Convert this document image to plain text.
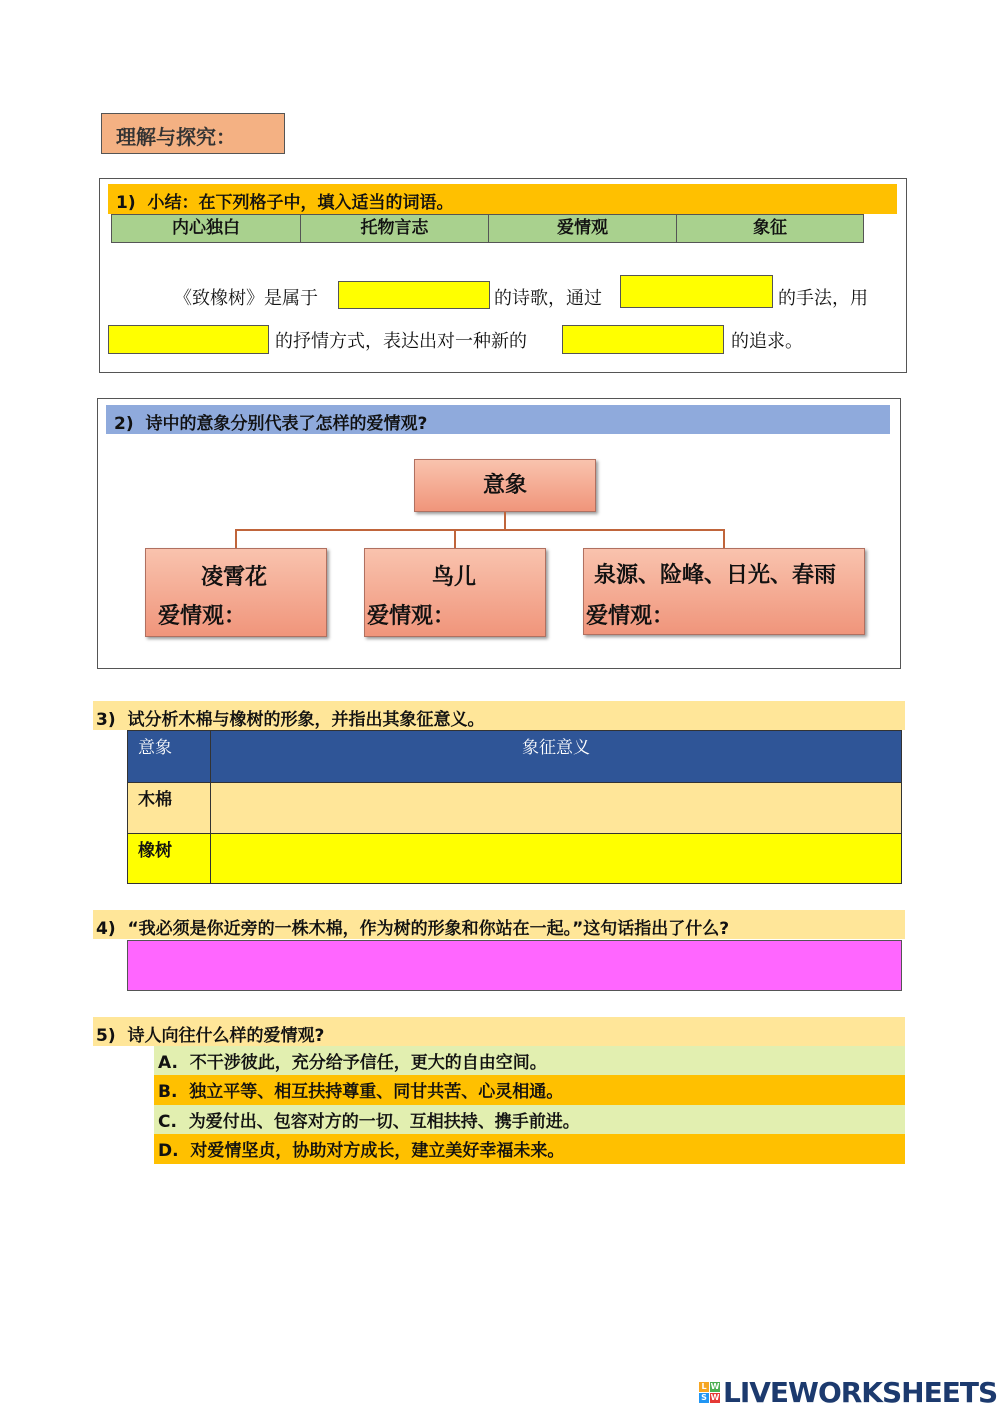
理解与探究：
1) 小结：在下列格子中，填入适当的词语。
内心独白	托物言志	爱情观	象征
《致橡树》是属于	的诗歌，通过	的手法，用
的抒情方式，表达出对一种新的	的追求。
2) 诗中的意象分别代表了怎样的爱情观?
意象
凌霄花
爱情观：
鸟儿
爱情观：
泉源、险峰、日光、春雨
爱情观：
3) 试分析木棉与橡树的形象，并指出其象征意义。
意象	象征意义
木棉
橡树
4) “我必须是你近旁的一株木棉，作为树的形象和你站在一起。”这句话指出了什么?
5) 诗人向往什么样的爱情观?
A. 不干涉彼此，充分给予信任，更大的自由空间。
B. 独立平等、相互扶持尊重、同甘共苦、心灵相通。
C. 为爱付出、包容对方的一切、互相扶持、携手前进。
D. 对爱情坚贞，协助对方成长，建立美好幸福未来。
L W
S W LIVEWORKSHEETS
